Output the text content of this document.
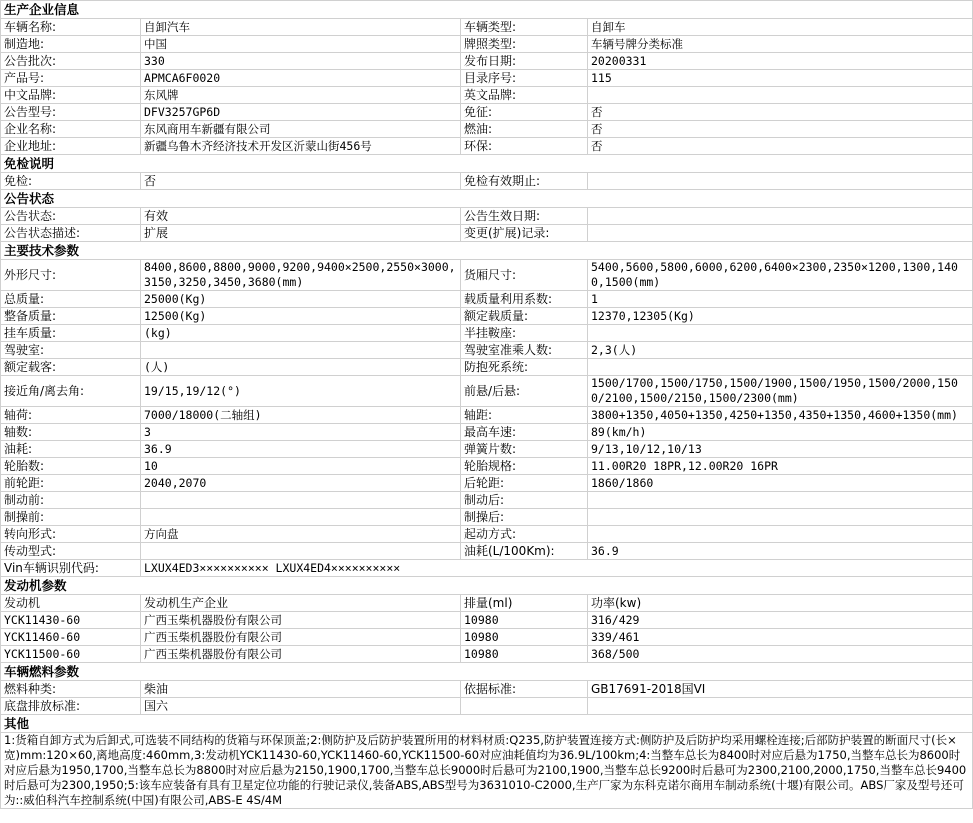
生产企业信息			
车辆名称:	自卸汽车	车辆类型:	自卸车
制造地:	中国	牌照类型:	车辆号牌分类标准
公告批次:	330	发布日期:	20200331
产品号:	APMCA6F0020	目录序号:	115
中文品牌:	东风牌	英文品牌:	
公告型号:	DFV3257GP6D	免征:	否
企业名称:	东风商用车新疆有限公司	燃油:	否
企业地址:	新疆乌鲁木齐经济技术开发区沂蒙山街456号	环保:	否
免检说明			
免检:	否	免检有效期止:	
公告状态			
公告状态:	有效	公告生效日期:	
公告状态描述:	扩展	变更(扩展)记录:	
主要技术参数			
外形尺寸:	8400,8600,8800,9000,9200,9400×2500,2550×3000,3150,3250,3450,3680(mm)	货厢尺寸:	5400,5600,5800,6000,6200,6400×2300,2350×1200,1300,1400,1500(mm)
总质量:	25000(Kg)	载质量利用系数:	1
整备质量:	12500(Kg)	额定载质量:	12370,12305(Kg)
挂车质量:	(kg)	半挂鞍座:	
驾驶室:		驾驶室准乘人数:	2,3(人)
额定载客:	(人)	防抱死系统:	
接近角/离去角:	19/15,19/12(°)	前悬/后悬:	1500/1700,1500/1750,1500/1900,1500/1950,1500/2000,1500/2100,1500/2150,1500/2300(mm)
轴荷:	7000/18000(二轴组)	轴距:	3800+1350,4050+1350,4250+1350,4350+1350,4600+1350(mm)
轴数:	3	最高车速:	89(km/h)
油耗:	36.9	弹簧片数:	9/13,10/12,10/13
轮胎数:	10	轮胎规格:	11.00R20 18PR,12.00R20 16PR
前轮距:	2040,2070	后轮距:	1860/1860
制动前:		制动后:	
制操前:		制操后:	
转向形式:	方向盘	起动方式:	
传动型式:		油耗(L/100Km):	36.9
Vin车辆识别代码:	LXUX4ED3×××××××××× LXUX4ED4××××××××××		
发动机参数			
发动机	发动机生产企业	排量(ml)	功率(kw)
YCK11430-60	广西玉柴机器股份有限公司	10980	316/429
YCK11460-60	广西玉柴机器股份有限公司	10980	339/461
YCK11500-60	广西玉柴机器股份有限公司	10980	368/500
车辆燃料参数			
燃料种类:	柴油	依据标准:	GB17691-2018国VI
底盘排放标准:	国六		
其他			
1:货箱自卸方式为后卸式,可选装不同结构的货箱与环保顶盖;2:侧防护及后防护装置所用的材料材质:Q235,防护装置连接方式:侧防护及后防护均采用螺栓连接;后部防护装置的断面尺寸(长×宽)mm:120×60,离地高度:460mm,3:发动机YCK11430-60,YCK11460-60,YCK11500-60对应油耗值均为36.9L/100km;4:当整车总长为8400时对应后悬为1750,当整车总长为8600时对应后悬为1950,1700,当整车总长为8800时对应后悬为2150,1900,1700,当整车总长9000时后悬可为2100,1900,当整车总长9200时后悬可为2300,2100,2000,1750,当整车总长9400时后悬可为2300,1950;5:该车应装备有具有卫星定位功能的行驶记录仪,装备ABS,ABS型号为3631010-C2000,生产厂家为东科克诺尔商用车制动系统(十堰)有限公司。ABS厂家及型号还可为::威伯科汽车控制系统(中国)有限公司,ABS-E 4S/4M			
